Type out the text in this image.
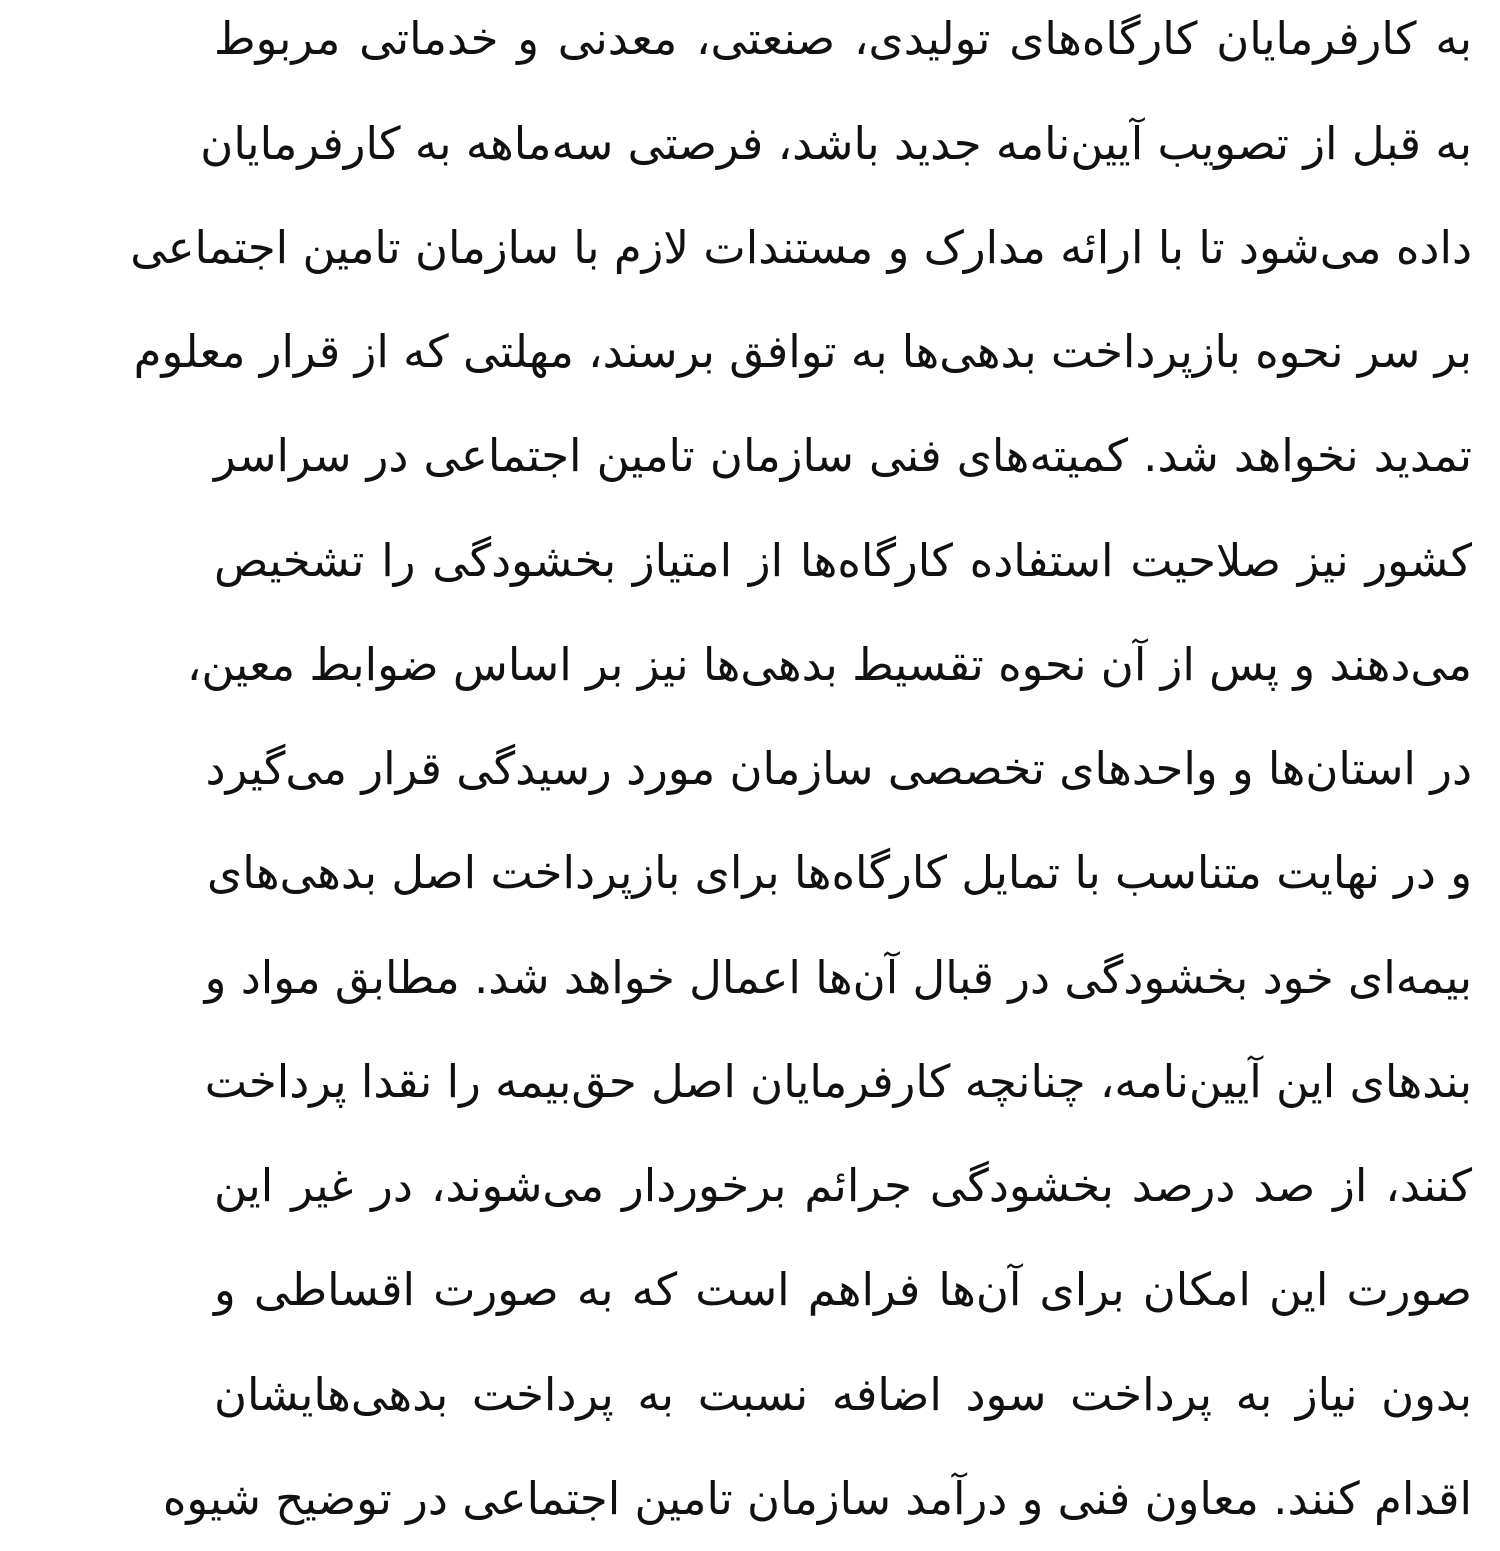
به کارفرمایان کارگاه‌های تولیدی، صنعتی، معدنی و خدماتی مربوط
به قبل از تصویب آیین‌نامه جدید باشد، فرصتی سه‌ماهه به کارفرمایان
داده می‌شود تا با ارائه مدارک و مستندات لازم با سازمان تامین اجتماعی
بر سر نحوه بازپرداخت بدهی‌ها به توافق برسند، مهلتی که از قرار معلوم
تمدید نخواهد شد. کمیته‌های فنی سازمان تامین اجتماعی در سراسر
کشور نیز صلاحیت استفاده کارگاه‌ها از امتیاز بخشودگی را تشخیص
می‌دهند و پس از آن نحوه تقسیط بدهی‌ها نیز بر اساس ضوابط معین،
در استان‌ها و واحدهای تخصصی سازمان مورد رسیدگی قرار می‌گیرد
و در نهایت متناسب با تمایل کارگاه‌ها برای بازپرداخت اصل بدهی‌های
بیمه‌ای خود بخشودگی در قبال آن‌ها اعمال خواهد شد. مطابق مواد و
بندهای این آیین‌نامه، چنانچه کارفرمایان اصل حق‌بیمه را نقدا پرداخت
کنند، از صد درصد بخشودگی جرائم برخوردار می‌شوند، در غیر این
صورت این امکان برای آن‌ها فراهم است که به صورت اقساطی و
بدون نیاز به پرداخت سود اضافه نسبت به پرداخت بدهی‌هایشان
اقدام کنند. معاون فنی و درآمد سازمان تامین اجتماعی در توضیح شیوه
